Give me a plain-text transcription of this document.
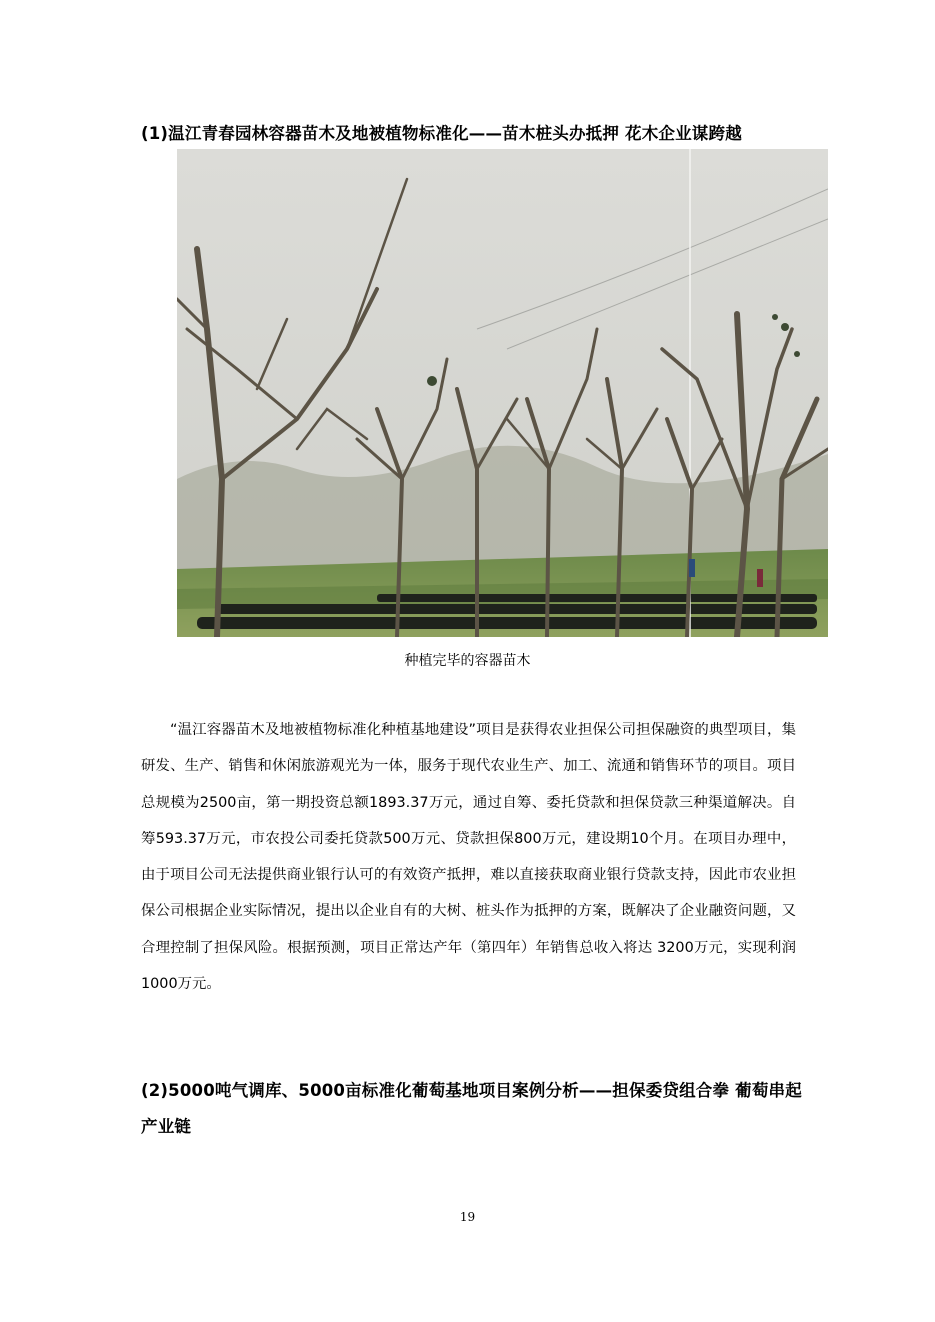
(1)温江青春园林容器苗木及地被植物标准化——苗木桩头办抵押 花木企业谋跨越
种植完毕的容器苗木

“温江容器苗木及地被植物标准化种植基地建设”项目是获得农业担保公司担保融资的典型项目，集研发、生产、销售和休闲旅游观光为一体，服务于现代农业生产、加工、流通和销售环节的项目。项目总规模为2500亩，第一期投资总额1893.37万元，通过自筹、委托贷款和担保贷款三种渠道解决。自筹593.37万元，市农投公司委托贷款500万元、贷款担保800万元，建设期10个月。在项目办理中，由于项目公司无法提供商业银行认可的有效资产抵押，难以直接获取商业银行贷款支持，因此市农业担保公司根据企业实际情况，提出以企业自有的大树、桩头作为抵押的方案，既解决了企业融资问题，又合理控制了担保风险。根据预测，项目正常达产年（第四年）年销售总收入将达 3200万元，实现利润 1000万元。

(2)5000吨气调库、5000亩标准化葡萄基地项目案例分析——担保委贷组合拳 葡萄串起
产业链
19
